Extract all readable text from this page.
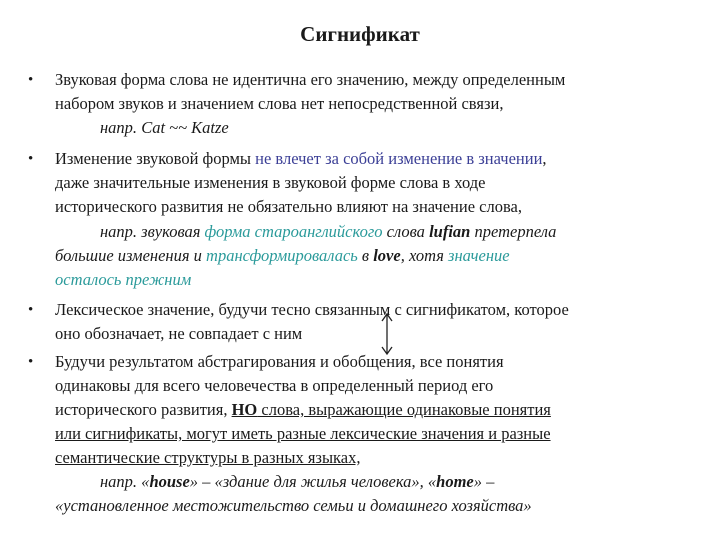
Сигнификат
• Звуковая форма слова не идентична его значению, между определенным
набором звуков и значением слова нет непосредственной связи,
напр. Cat ~~ Katze
• Изменение звуковой формы не влечет за собой изменение в значении,
даже значительные изменения в звуковой форме слова в ходе
исторического развития не обязательно влияют на значение слова,
напр. звуковая форма староанглийского слова lufian претерпела
большие изменения и трансформировалась в love, хотя значение
осталось прежним
• Лексическое значение, будучи тесно связанным с сигнификатом, которое
оно обозначает, не совпадает с ним
• Будучи результатом абстрагирования и обобщения, все понятия
одинаковы для всего человечества в определенный период его
исторического развития, НО слова, выражающие одинаковые понятия
или сигнификаты, могут иметь разные лексические значения и разные
семантические структуры в разных языках,
напр. «house» – «здание для жилья человека», «home» –
«установленное местожительство семьи и домашнего хозяйства»
